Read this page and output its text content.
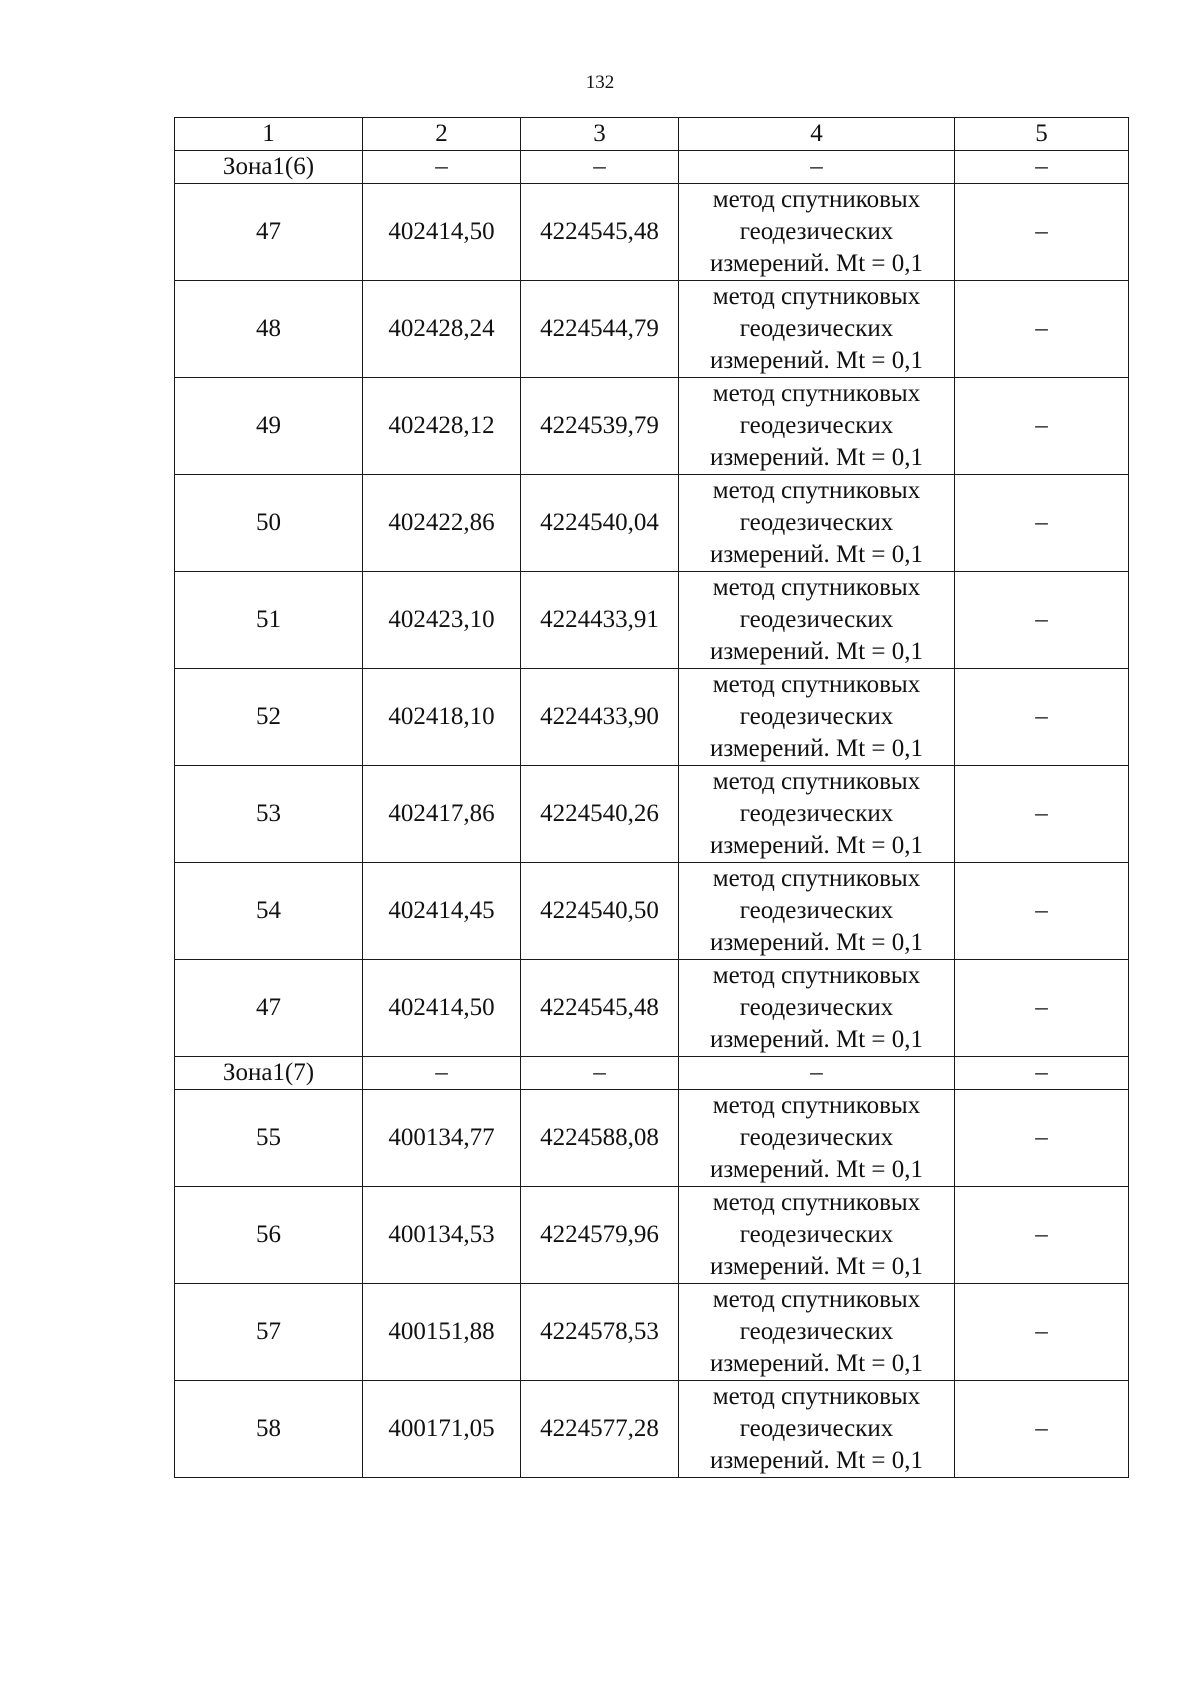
132
1	2	3	4	5
Зона1(6)	–	–	–	–
47	402414,50	4224545,48	метод спутниковых
геодезических
измерений. Mt = 0,1	–
48	402428,24	4224544,79	метод спутниковых
геодезических
измерений. Mt = 0,1	–
49	402428,12	4224539,79	метод спутниковых
геодезических
измерений. Mt = 0,1	–
50	402422,86	4224540,04	метод спутниковых
геодезических
измерений. Mt = 0,1	–
51	402423,10	4224433,91	метод спутниковых
геодезических
измерений. Mt = 0,1	–
52	402418,10	4224433,90	метод спутниковых
геодезических
измерений. Mt = 0,1	–
53	402417,86	4224540,26	метод спутниковых
геодезических
измерений. Mt = 0,1	–
54	402414,45	4224540,50	метод спутниковых
геодезических
измерений. Mt = 0,1	–
47	402414,50	4224545,48	метод спутниковых
геодезических
измерений. Mt = 0,1	–
Зона1(7)	–	–	–	–
55	400134,77	4224588,08	метод спутниковых
геодезических
измерений. Mt = 0,1	–
56	400134,53	4224579,96	метод спутниковых
геодезических
измерений. Mt = 0,1	–
57	400151,88	4224578,53	метод спутниковых
геодезических
измерений. Mt = 0,1	–
58	400171,05	4224577,28	метод спутниковых
геодезических
измерений. Mt = 0,1	–
